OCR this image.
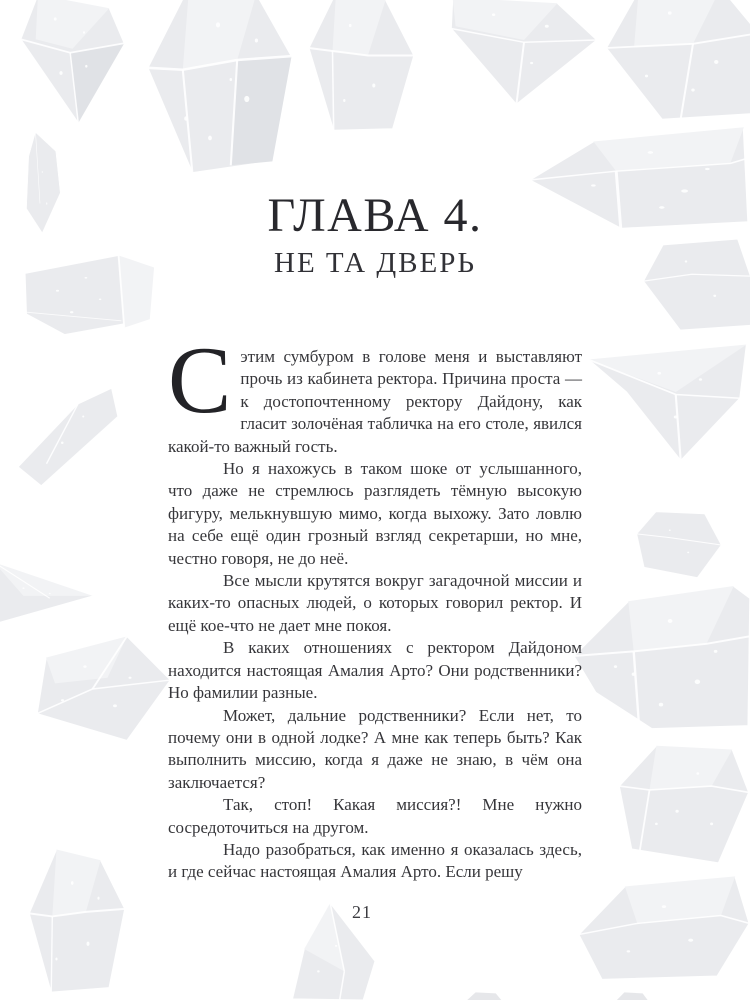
ГЛАВА 4.
НЕ ТА ДВЕРЬ

Сэтим сумбуром в голове меня и выставляют прочь из кабинета ректора. Причина проста — к достопочтенному ректору Дайдону, как гласит золочёная табличка на его столе, явился какой-то важный гость.

Но я нахожусь в таком шоке от услышанного, что даже не стремлюсь разглядеть тёмную высокую фигуру, мелькнувшую мимо, когда выхожу. Зато ловлю на себе ещё один грозный взгляд секретарши, но мне, честно говоря, не до неё.

Все мысли крутятся вокруг загадочной миссии и каких-то опасных людей, о которых говорил ректор. И ещё кое-что не дает мне покоя.

В каких отношениях с ректором Дайдоном находится настоящая Амалия Арто? Они родственники? Но фамилии разные.

Может, дальние родственники? Если нет, то почему они в одной лодке? А мне как теперь быть? Как выполнить миссию, когда я даже не знаю, в чём она заключается?

Так, стоп! Какая миссия?! Мне нужно сосредоточиться на другом.

Надо разобраться, как именно я оказалась здесь, и где сейчас настоящая Амалия Арто. Если решу

21
